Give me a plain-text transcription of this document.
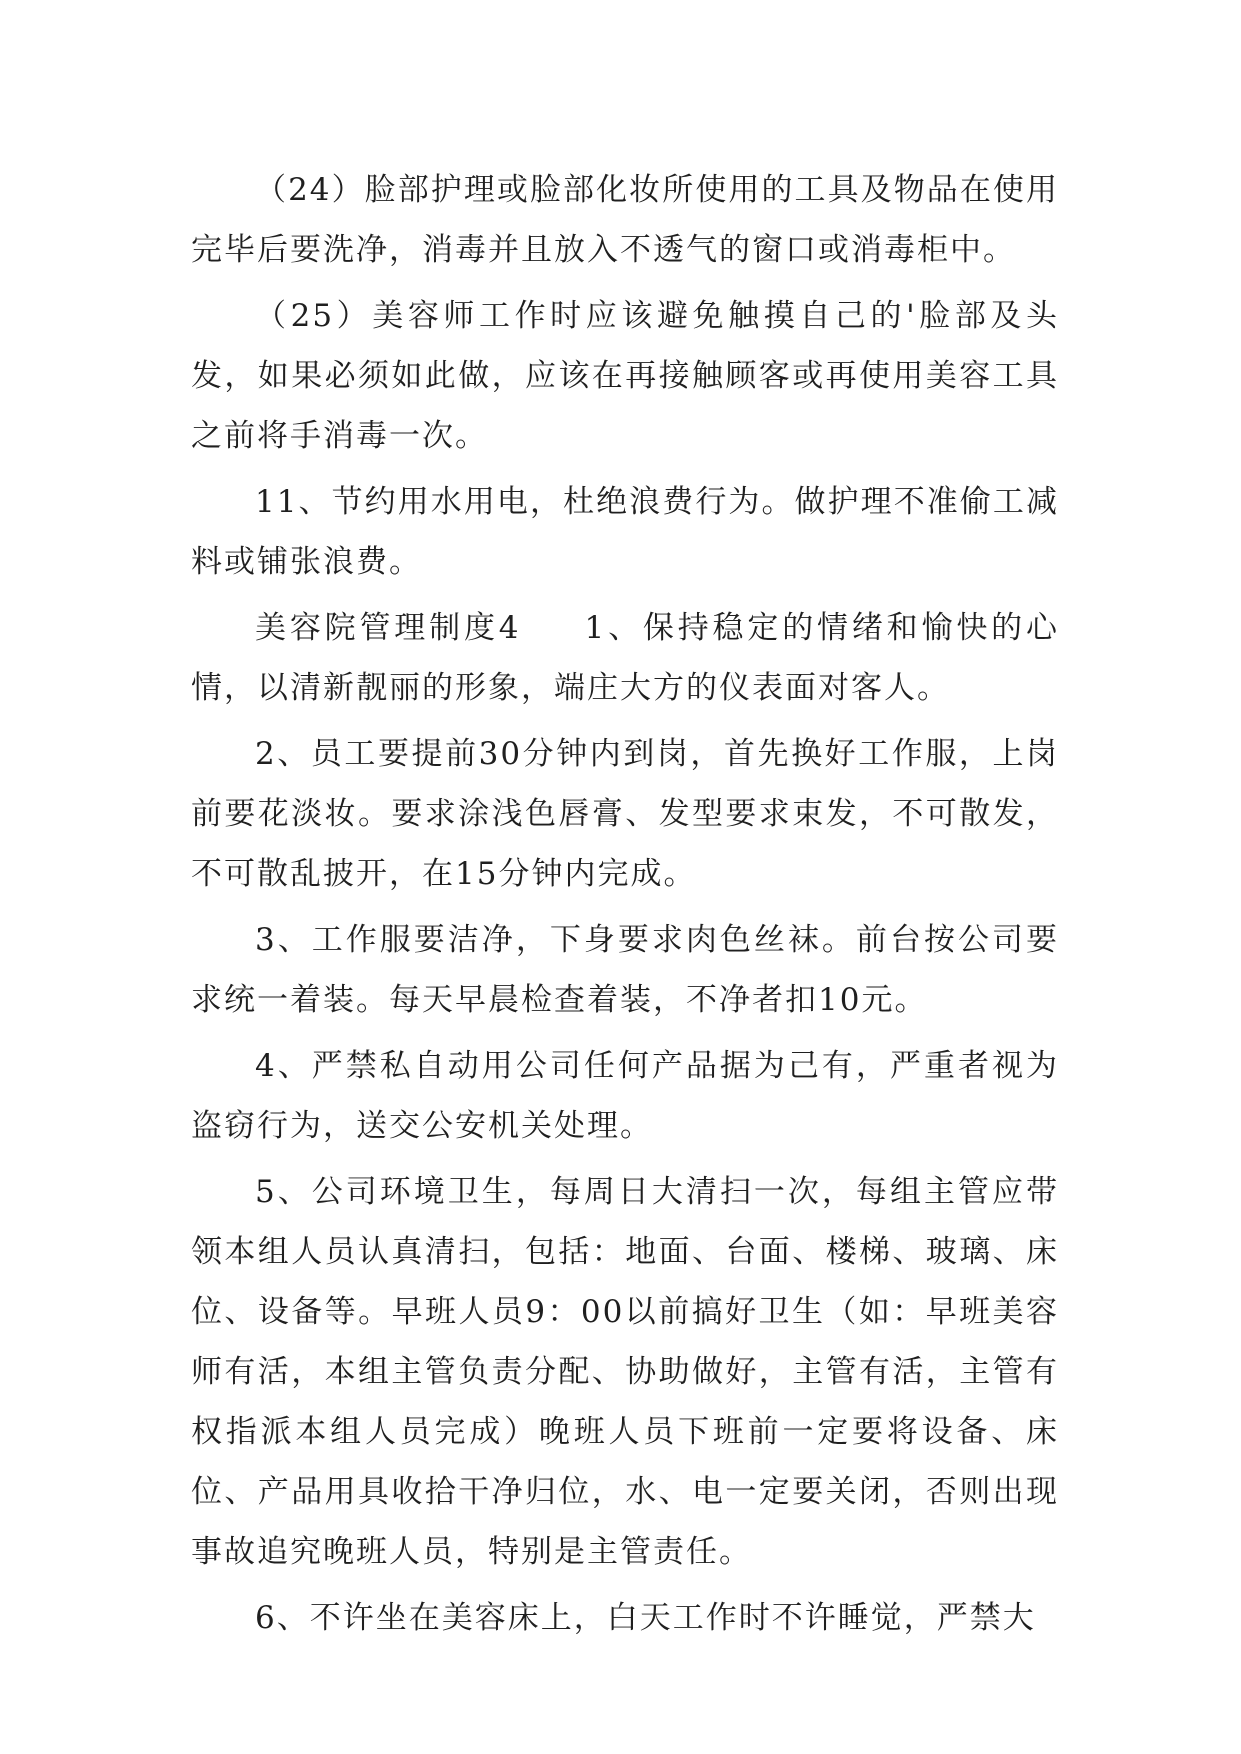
（24）脸部护理或脸部化妆所使用的工具及物品在使用完毕后要洗净，消毒并且放入不透气的窗口或消毒柜中。

（25）美容师工作时应该避免触摸自己的'脸部及头发，如果必须如此做，应该在再接触顾客或再使用美容工具之前将手消毒一次。

11、节约用水用电，杜绝浪费行为。做护理不准偷工减料或铺张浪费。

美容院管理制度4 1、保持稳定的情绪和愉快的心情，以清新靓丽的形象，端庄大方的仪表面对客人。

2、员工要提前30分钟内到岗，首先换好工作服，上岗前要花淡妆。要求涂浅色唇膏、发型要求束发，不可散发，不可散乱披开，在15分钟内完成。

3、工作服要洁净，下身要求肉色丝袜。前台按公司要求统一着装。每天早晨检查着装，不净者扣10元。

4、严禁私自动用公司任何产品据为己有，严重者视为盗窃行为，送交公安机关处理。

5、公司环境卫生，每周日大清扫一次，每组主管应带领本组人员认真清扫，包括：地面、台面、楼梯、玻璃、床位、设备等。早班人员9：00以前搞好卫生（如：早班美容师有活，本组主管负责分配、协助做好，主管有活，主管有权指派本组人员完成）晚班人员下班前一定要将设备、床位、产品用具收拾干净归位，水、电一定要关闭，否则出现事故追究晚班人员，特别是主管责任。

6、不许坐在美容床上，白天工作时不许睡觉，严禁大
